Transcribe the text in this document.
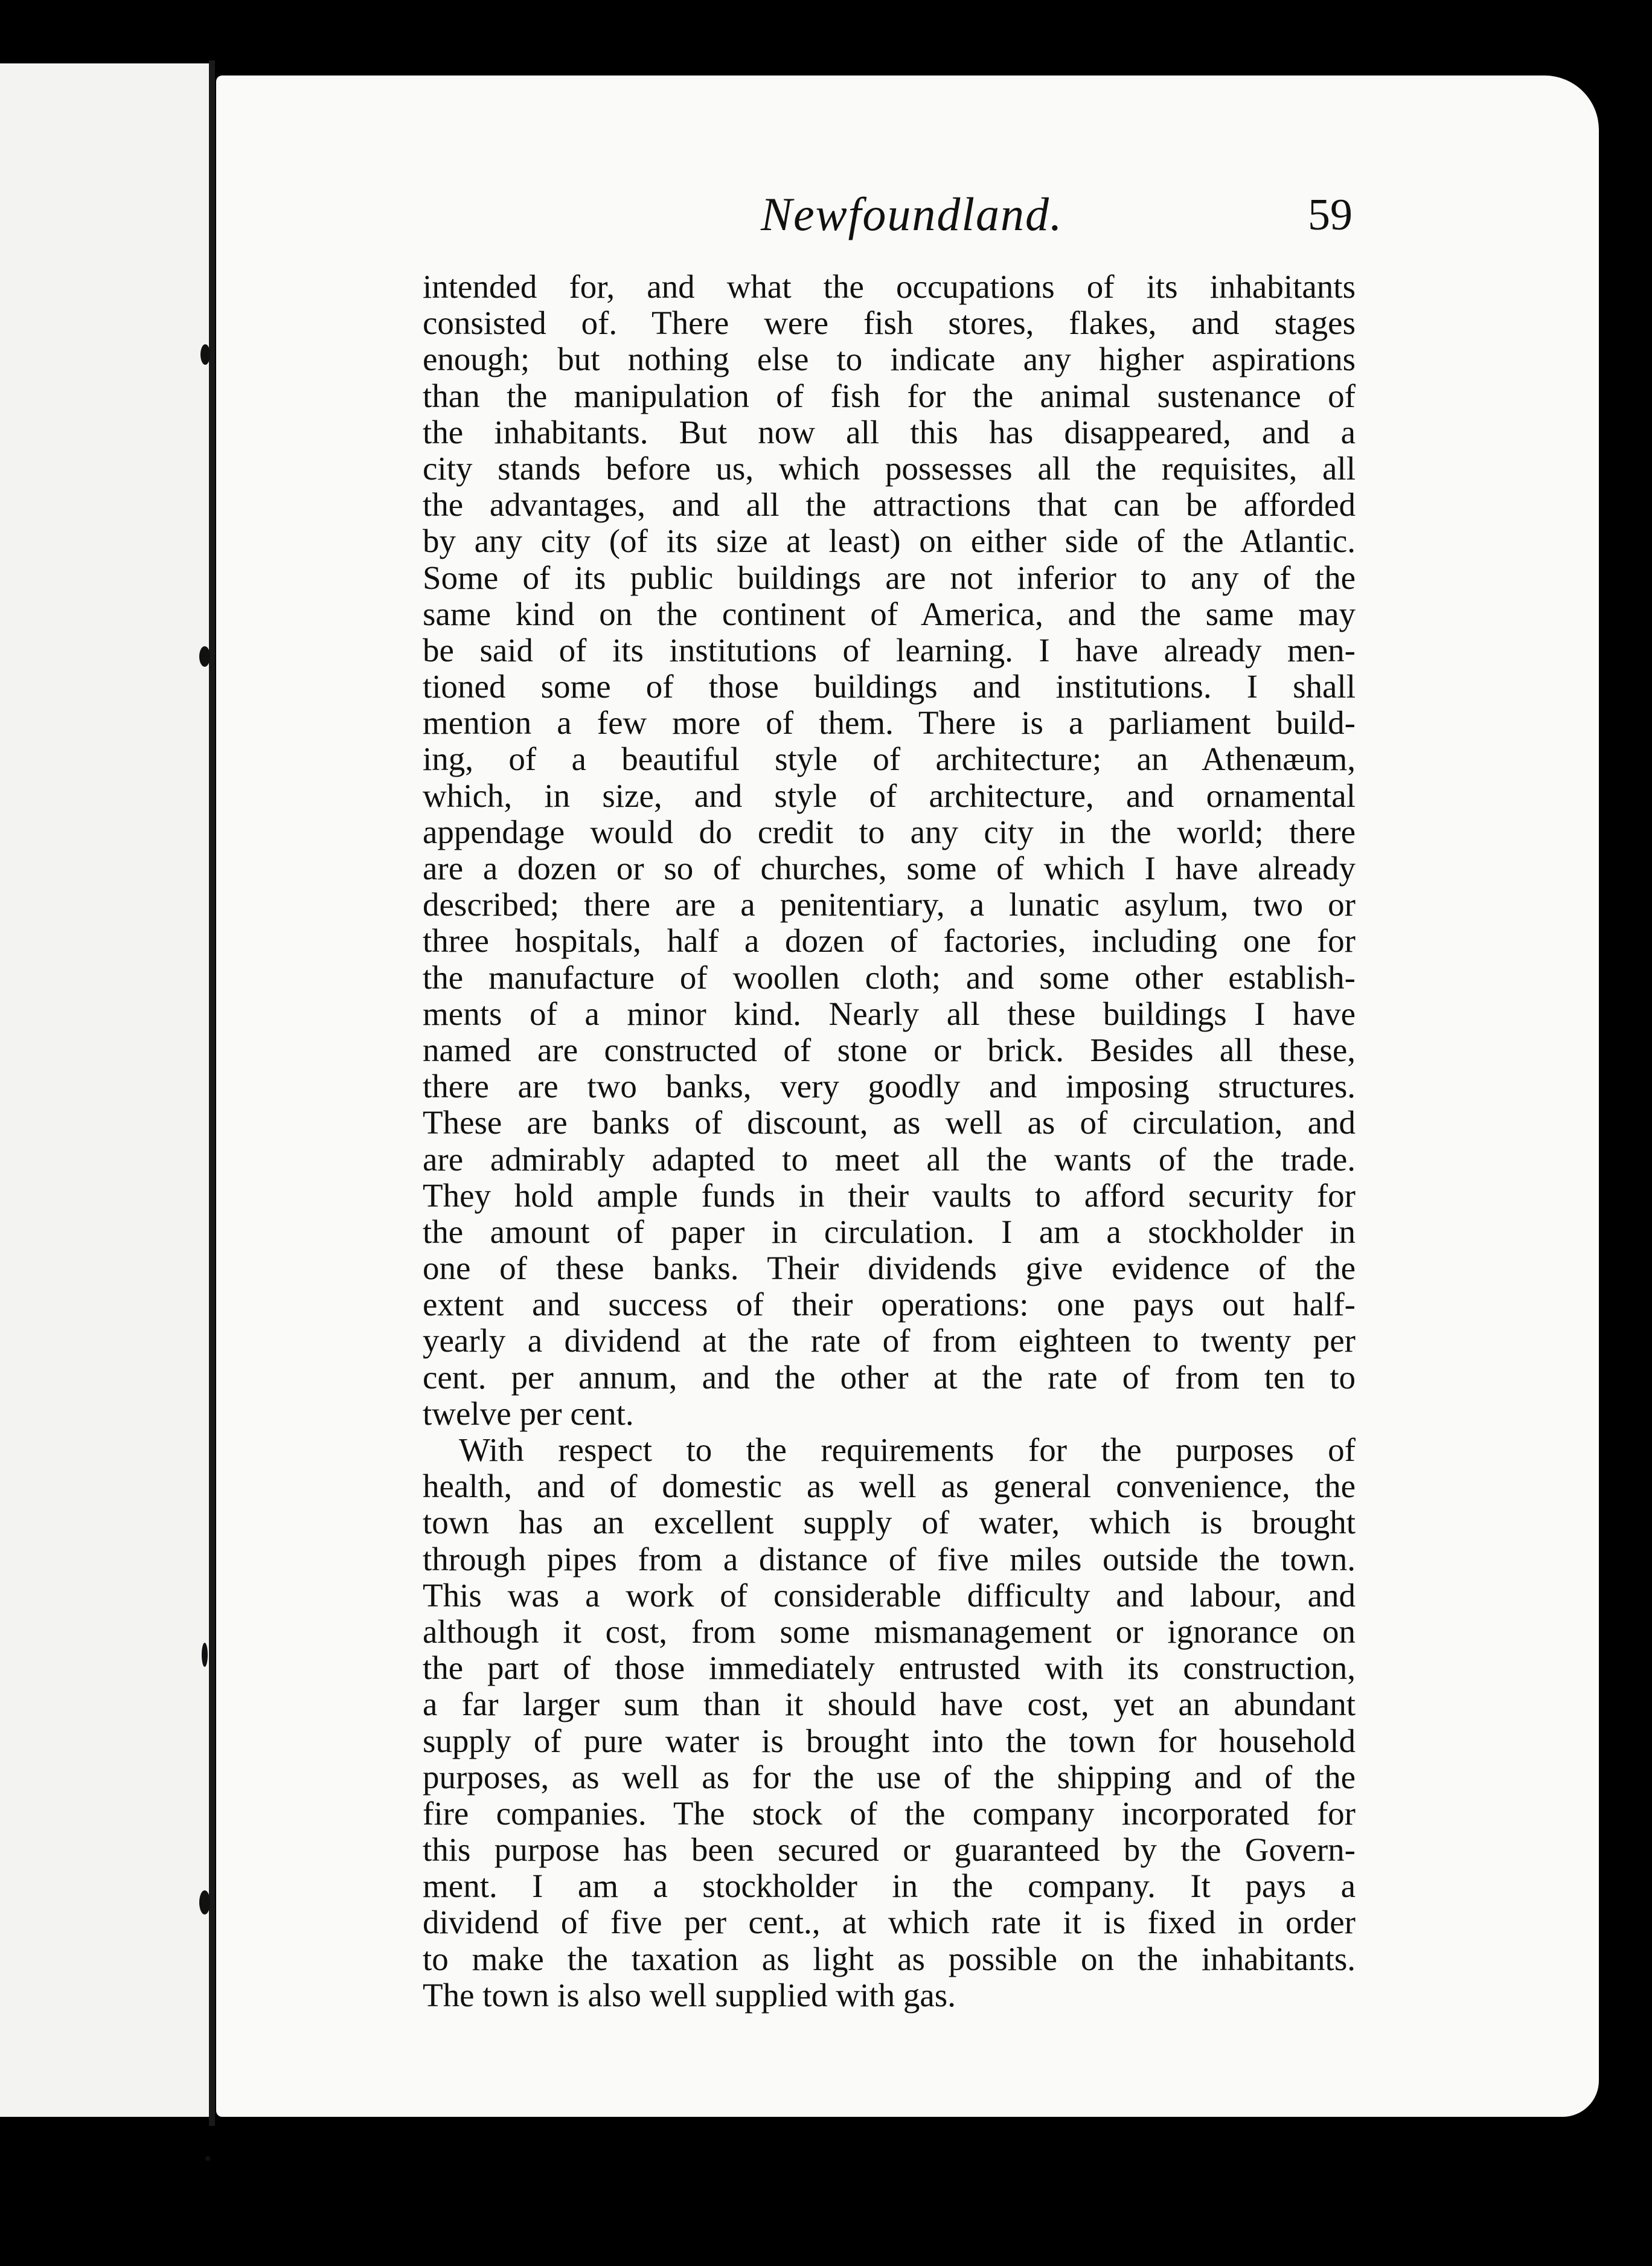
Newfoundland.	59
intended for, and what the occupations of its inhabitants
consisted of. There were fish stores, flakes, and stages
enough; but nothing else to indicate any higher aspirations
than the manipulation of fish for the animal sustenance of
the inhabitants. But now all this has disappeared, and a
city stands before us, which possesses all the requisites, all
the advantages, and all the attractions that can be afforded
by any city (of its size at least) on either side of the Atlantic.
Some of its public buildings are not inferior to any of the
same kind on the continent of America, and the same may
be said of its institutions of learning. I have already men-
tioned some of those buildings and institutions. I shall
mention a few more of them. There is a parliament build-
ing, of a beautiful style of architecture; an Athenæum,
which, in size, and style of architecture, and ornamental
appendage would do credit to any city in the world; there
are a dozen or so of churches, some of which I have already
described; there are a penitentiary, a lunatic asylum, two or
three hospitals, half a dozen of factories, including one for
the manufacture of woollen cloth; and some other establish-
ments of a minor kind. Nearly all these buildings I have
named are constructed of stone or brick. Besides all these,
there are two banks, very goodly and imposing structures.
These are banks of discount, as well as of circulation, and
are admirably adapted to meet all the wants of the trade.
They hold ample funds in their vaults to afford security for
the amount of paper in circulation. I am a stockholder in
one of these banks. Their dividends give evidence of the
extent and success of their operations: one pays out half-
yearly a dividend at the rate of from eighteen to twenty per
cent. per annum, and the other at the rate of from ten to
twelve per cent.
With respect to the requirements for the purposes of
health, and of domestic as well as general convenience, the
town has an excellent supply of water, which is brought
through pipes from a distance of five miles outside the town.
This was a work of considerable difficulty and labour, and
although it cost, from some mismanagement or ignorance on
the part of those immediately entrusted with its construction,
a far larger sum than it should have cost, yet an abundant
supply of pure water is brought into the town for household
purposes, as well as for the use of the shipping and of the
fire companies. The stock of the company incorporated for
this purpose has been secured or guaranteed by the Govern-
ment. I am a stockholder in the company. It pays a
dividend of five per cent., at which rate it is fixed in order
to make the taxation as light as possible on the inhabitants.
The town is also well supplied with gas.
